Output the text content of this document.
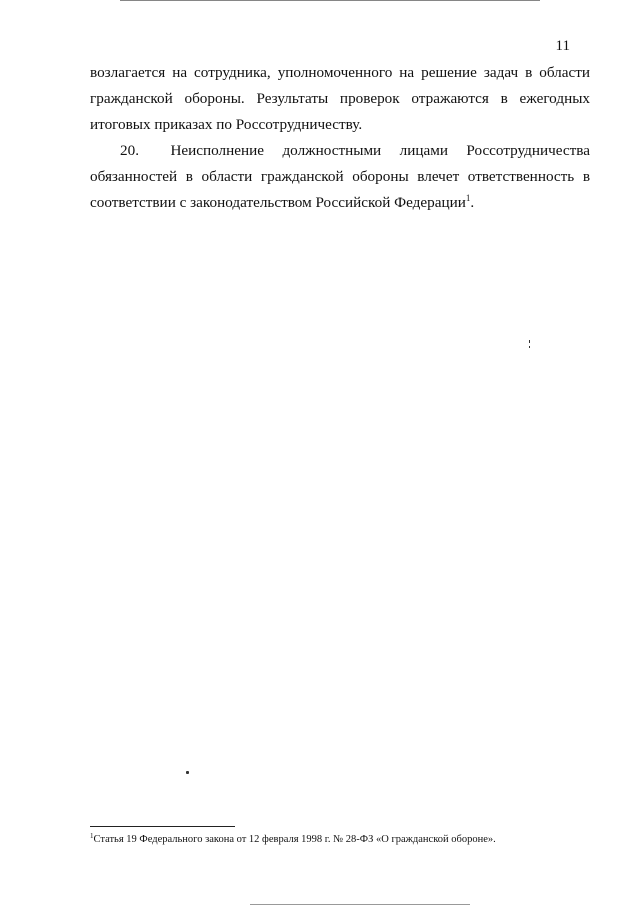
11
возлагается на сотрудника, уполномоченного на решение задач в области
гражданской обороны. Результаты проверок отражаются в ежегодных
итоговых приказах по Россотрудничеству.
20. Неисполнение должностными лицами Россотрудничества
обязанностей в области гражданской обороны влечет ответственность в
соответствии с законодательством Российской Федерации$^1$.
$^1$Статья 19 Федерального закона от 12 февраля 1998 г. № 28-ФЗ «О гражданской обороне».
